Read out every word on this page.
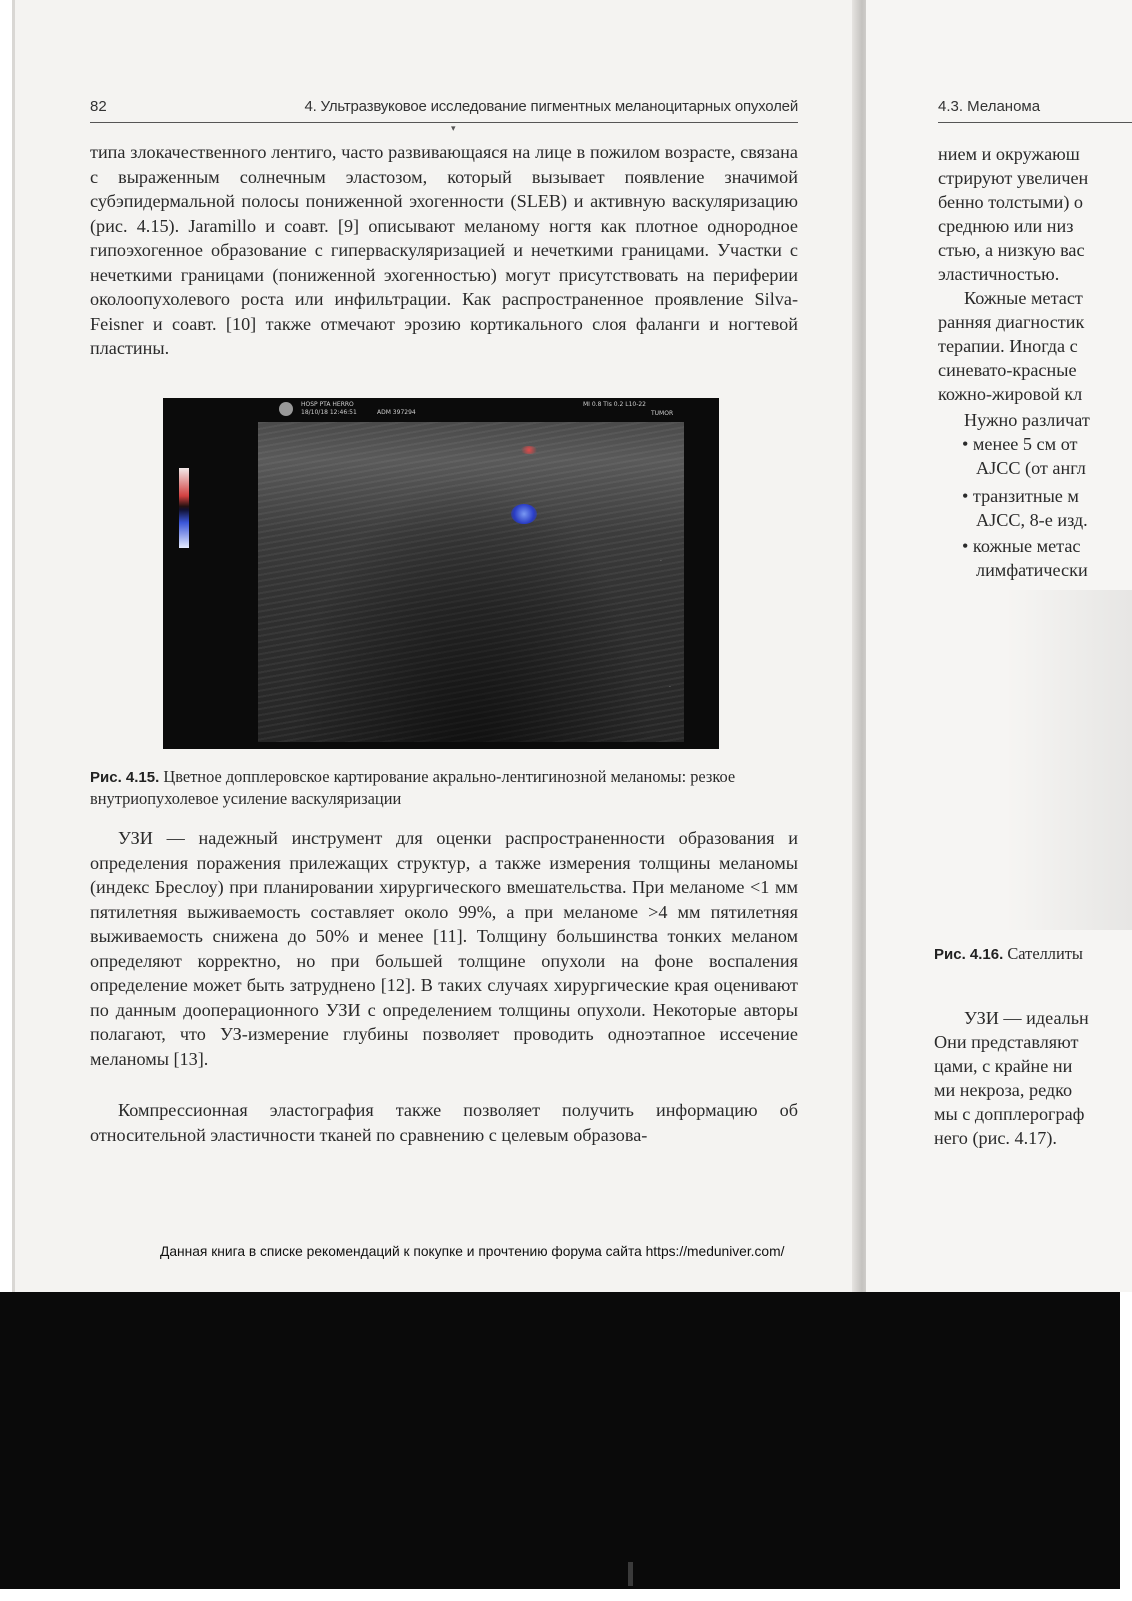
82	4. Ультразвуковое исследование пигментных меланоцитарных опухолей
▾

типа злокачественного лентиго, часто развивающаяся на лице в пожилом возрасте, связана с выраженным солнечным эластозом, который вызывает появление значимой субэпидермальной полосы пониженной эхогенности (SLEB) и активную васкуляризацию (рис. 4.15). Jaramillo и соавт. [9] описывают меланому ногтя как плотное однородное гипоэхогенное образование с гиперваскуляризацией и нечеткими границами. Участки с нечеткими границами (пониженной эхогенностью) могут присутствовать на периферии околоопухолевого роста или инфильтрации. Как распространенное проявление Silva-Feisner и соавт. [10] также отмечают эрозию кортикального слоя фаланги и ногтевой пластины.

HOSP PTA HERRO
18/10/18 12:46:51	ADM 397294
MI 0.8 TIs 0.2 L10-22
TUMOR
·
·

Рис. 4.15. Цветное допплеровское картирование акрально-лентигинозной меланомы: резкое внутриопухолевое усиление васкуляризации

УЗИ — надежный инструмент для оценки распространенности образования и определения поражения прилежащих структур, а также измерения толщины меланомы (индекс Бреслоу) при планировании хирургического вмешательства. При меланоме <1 мм пятилетняя выживаемость составляет около 99%, а при меланоме >4 мм пятилетняя выживаемость снижена до 50% и менее [11]. Толщину большинства тонких меланом определяют корректно, но при большей толщине опухоли на фоне воспаления определение может быть затруднено [12]. В таких случаях хирургические края оценивают по данным дооперационного УЗИ с определением толщины опухоли. Некоторые авторы полагают, что УЗ-измерение глубины позволяет проводить одноэтапное иссечение меланомы [13].

Компрессионная эластография также позволяет получить информацию об относительной эластичности тканей по сравнению с целевым образова-

Данная книга в списке рекомендаций к покупке и прочтению форума сайта https://meduniver.com/
4.3. Меланома
нием и окружаюш
стрируют увеличен
бенно толстыми) о
среднюю или низ
стью, а низкую вас
эластичностью.
Кожные метаст
ранняя диагностик
терапии. Иногда с
синевато-красные
кожно-жировой кл
Нужно различат
• менее 5 см от
AJCC (от англ
• транзитные м
AJCC, 8-е изд.
• кожные метас
лимфатически
Рис. 4.16. Сателлиты
УЗИ — идеальн
Они представляют
цами, с крайне ни
ми некроза, редко
мы с допплерограф
него (рис. 4.17).
